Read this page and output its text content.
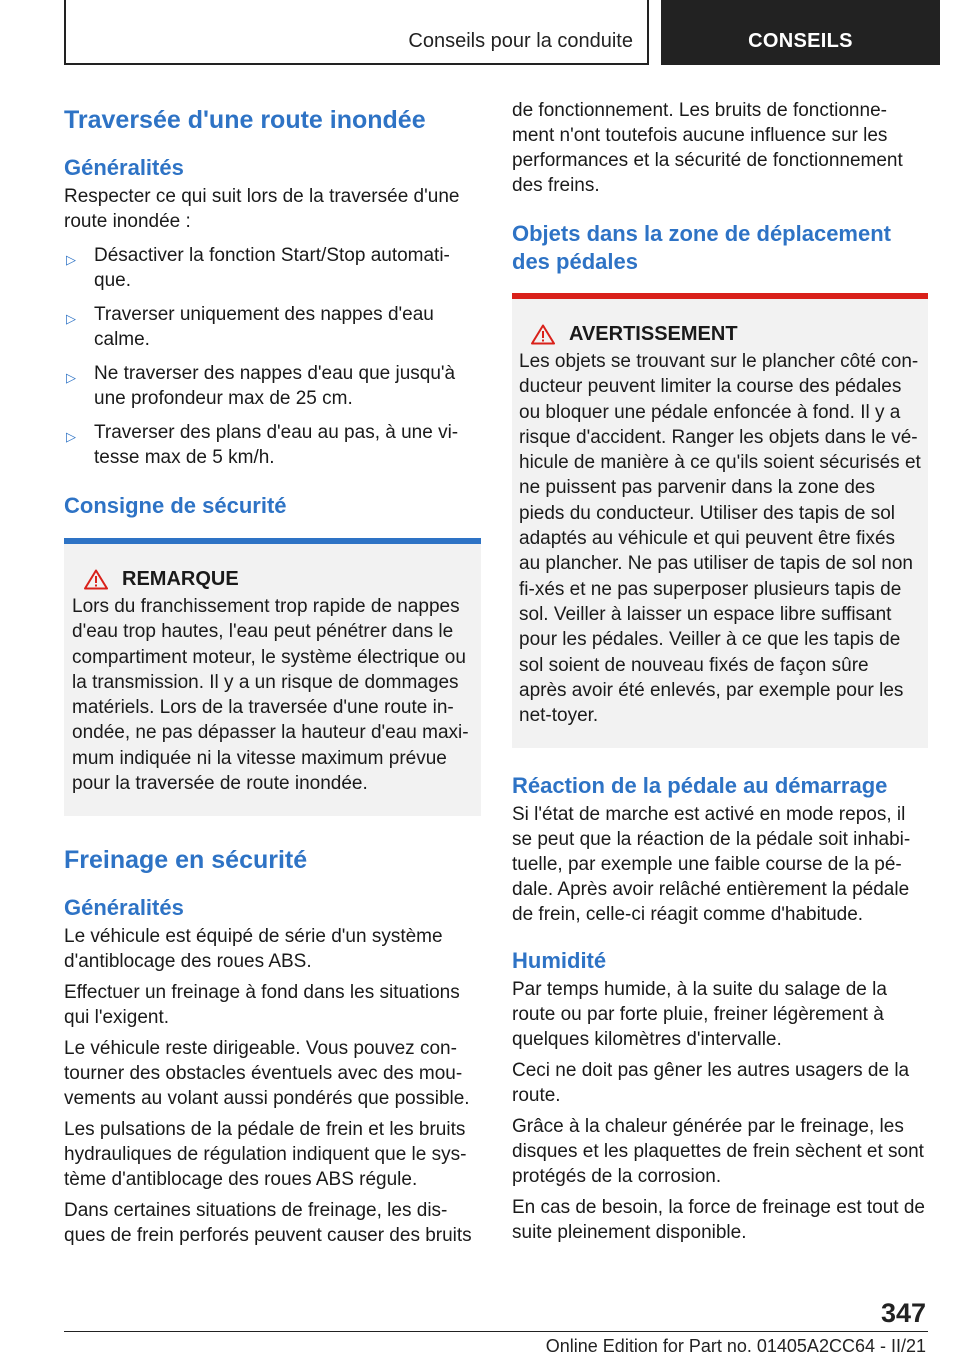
Conseils pour la conduite	CONSEILS
Traversée d'une route inondée
Généralités

Respecter ce qui suit lors de la traversée d'une route inondée :

▷ Désactiver la fonction Start/Stop automati-
que.
▷ Traverser uniquement des nappes d'eau
calme.
▷ Ne traverser des nappes d'eau que jusqu'à
une profondeur max de 25 cm.
▷ Traverser des plans d'eau au pas, à une vi-
tesse max de 5 km/h.
Consigne de sécurité
REMARQUE

Lors du franchissement trop rapide de nappes d'eau trop hautes, l'eau peut pénétrer dans le compartiment moteur, le système électrique ou la transmission. Il y a un risque de dommages matériels. Lors de la traversée d'une route in-ondée, ne pas dépasser la hauteur d'eau maxi-mum indiquée ni la vitesse maximum prévue pour la traversée de route inondée.

Freinage en sécurité
Généralités

Le véhicule est équipé de série d'un système d'antiblocage des roues ABS.

Effectuer un freinage à fond dans les situations qui l'exigent.

Le véhicule reste dirigeable. Vous pouvez con-tourner des obstacles éventuels avec des mou-vements au volant aussi pondérés que possible.

Les pulsations de la pédale de frein et les bruits hydrauliques de régulation indiquent que le sys-tème d'antiblocage des roues ABS régule.

Dans certaines situations de freinage, les dis-ques de frein perforés peuvent causer des bruits

de fonctionnement. Les bruits de fonctionne-ment n'ont toutefois aucune influence sur les performances et la sécurité de fonctionnement des freins.

Objets dans la zone de déplacement des pédales
AVERTISSEMENT

Les objets se trouvant sur le plancher côté con-ducteur peuvent limiter la course des pédales ou bloquer une pédale enfoncée à fond. Il y a risque d'accident. Ranger les objets dans le vé-hicule de manière à ce qu'ils soient sécurisés et ne puissent pas parvenir dans la zone des pieds du conducteur. Utiliser des tapis de sol adaptés au véhicule et qui peuvent être fixés au plancher. Ne pas utiliser de tapis de sol non fi-xés et ne pas superposer plusieurs tapis de sol. Veiller à laisser un espace libre suffisant pour les pédales. Veiller à ce que les tapis de sol soient de nouveau fixés de façon sûre après avoir été enlevés, par exemple pour les net-toyer.

Réaction de la pédale au démarrage

Si l'état de marche est activé en mode repos, il se peut que la réaction de la pédale soit inhabi-tuelle, par exemple une faible course de la pé-dale. Après avoir relâché entièrement la pédale de frein, celle-ci réagit comme d'habitude.

Humidité

Par temps humide, à la suite du salage de la route ou par forte pluie, freiner légèrement à quelques kilomètres d'intervalle.

Ceci ne doit pas gêner les autres usagers de la route.

Grâce à la chaleur générée par le freinage, les disques et les plaquettes de frein sèchent et sont protégés de la corrosion.

En cas de besoin, la force de freinage est tout de suite pleinement disponible.

347
Online Edition for Part no. 01405A2CC64 - II/21
